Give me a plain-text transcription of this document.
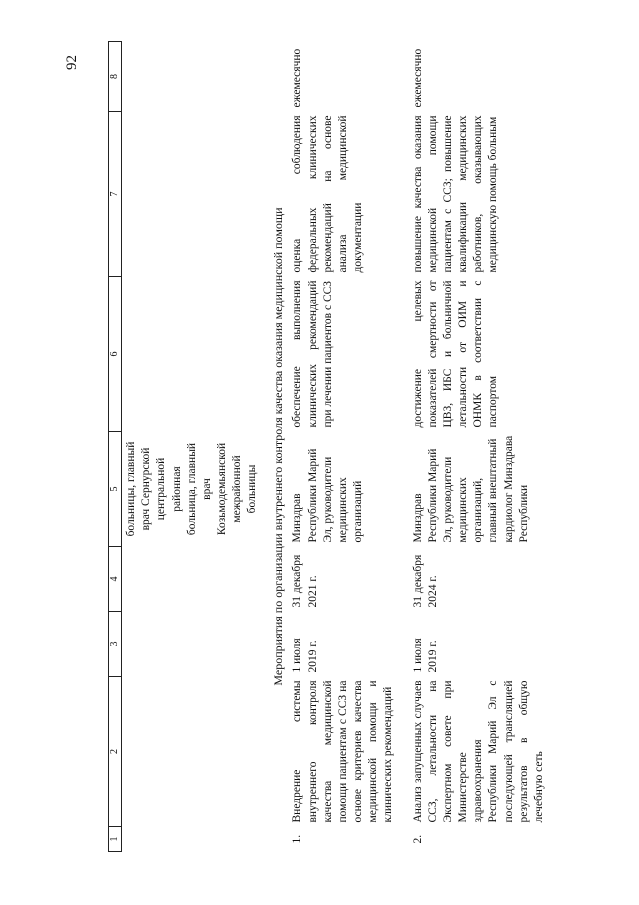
92
1	2	3	4	5	6	7	8
				больницы, главный врач Сернурской центральной районная больница, главный врач Козьмодемьянской межрайонной больницы			
Мероприятия по организации внутреннего контроля качества оказания медицинской помощи							
1.	Внедрение системы внутреннего контроля качества медицинской помощи пациентам с ССЗ на основе критериев качества медицинской помощи и клинических рекомендаций	1 июля 2019 г.	31 декабря 2021 г.	Минздрав Республики Марий Эл, руководители медицинских организаций	обеспечение выполнения клинических рекомендаций при лечении пациентов с ССЗ	оценка соблюдения федеральных клинических рекомендаций на основе анализа медицинской документации	ежемесячно
2.	Анализ запущенных случаев ССЗ, летальности на Экспертном совете при Министерстве здравоохранения Республики Марий Эл с последующей трансляцией результатов в общую лечебную сеть	1 июля 2019 г.	31 декабря 2024 г.	Минздрав Республики Марий Эл, руководители медицинских организаций, главный внештатный кардиолог Минздрава Республики	достижение целевых показателей смертности от ЦВЗ, ИБС и больничной летальности от ОИМ и ОНМК в соответствии с паспортом	повышение качества оказания медицинской помощи пациентам с ССЗ; повышение квалификации медицинских работников, оказывающих медицинскую помощь больным	ежемесячно
